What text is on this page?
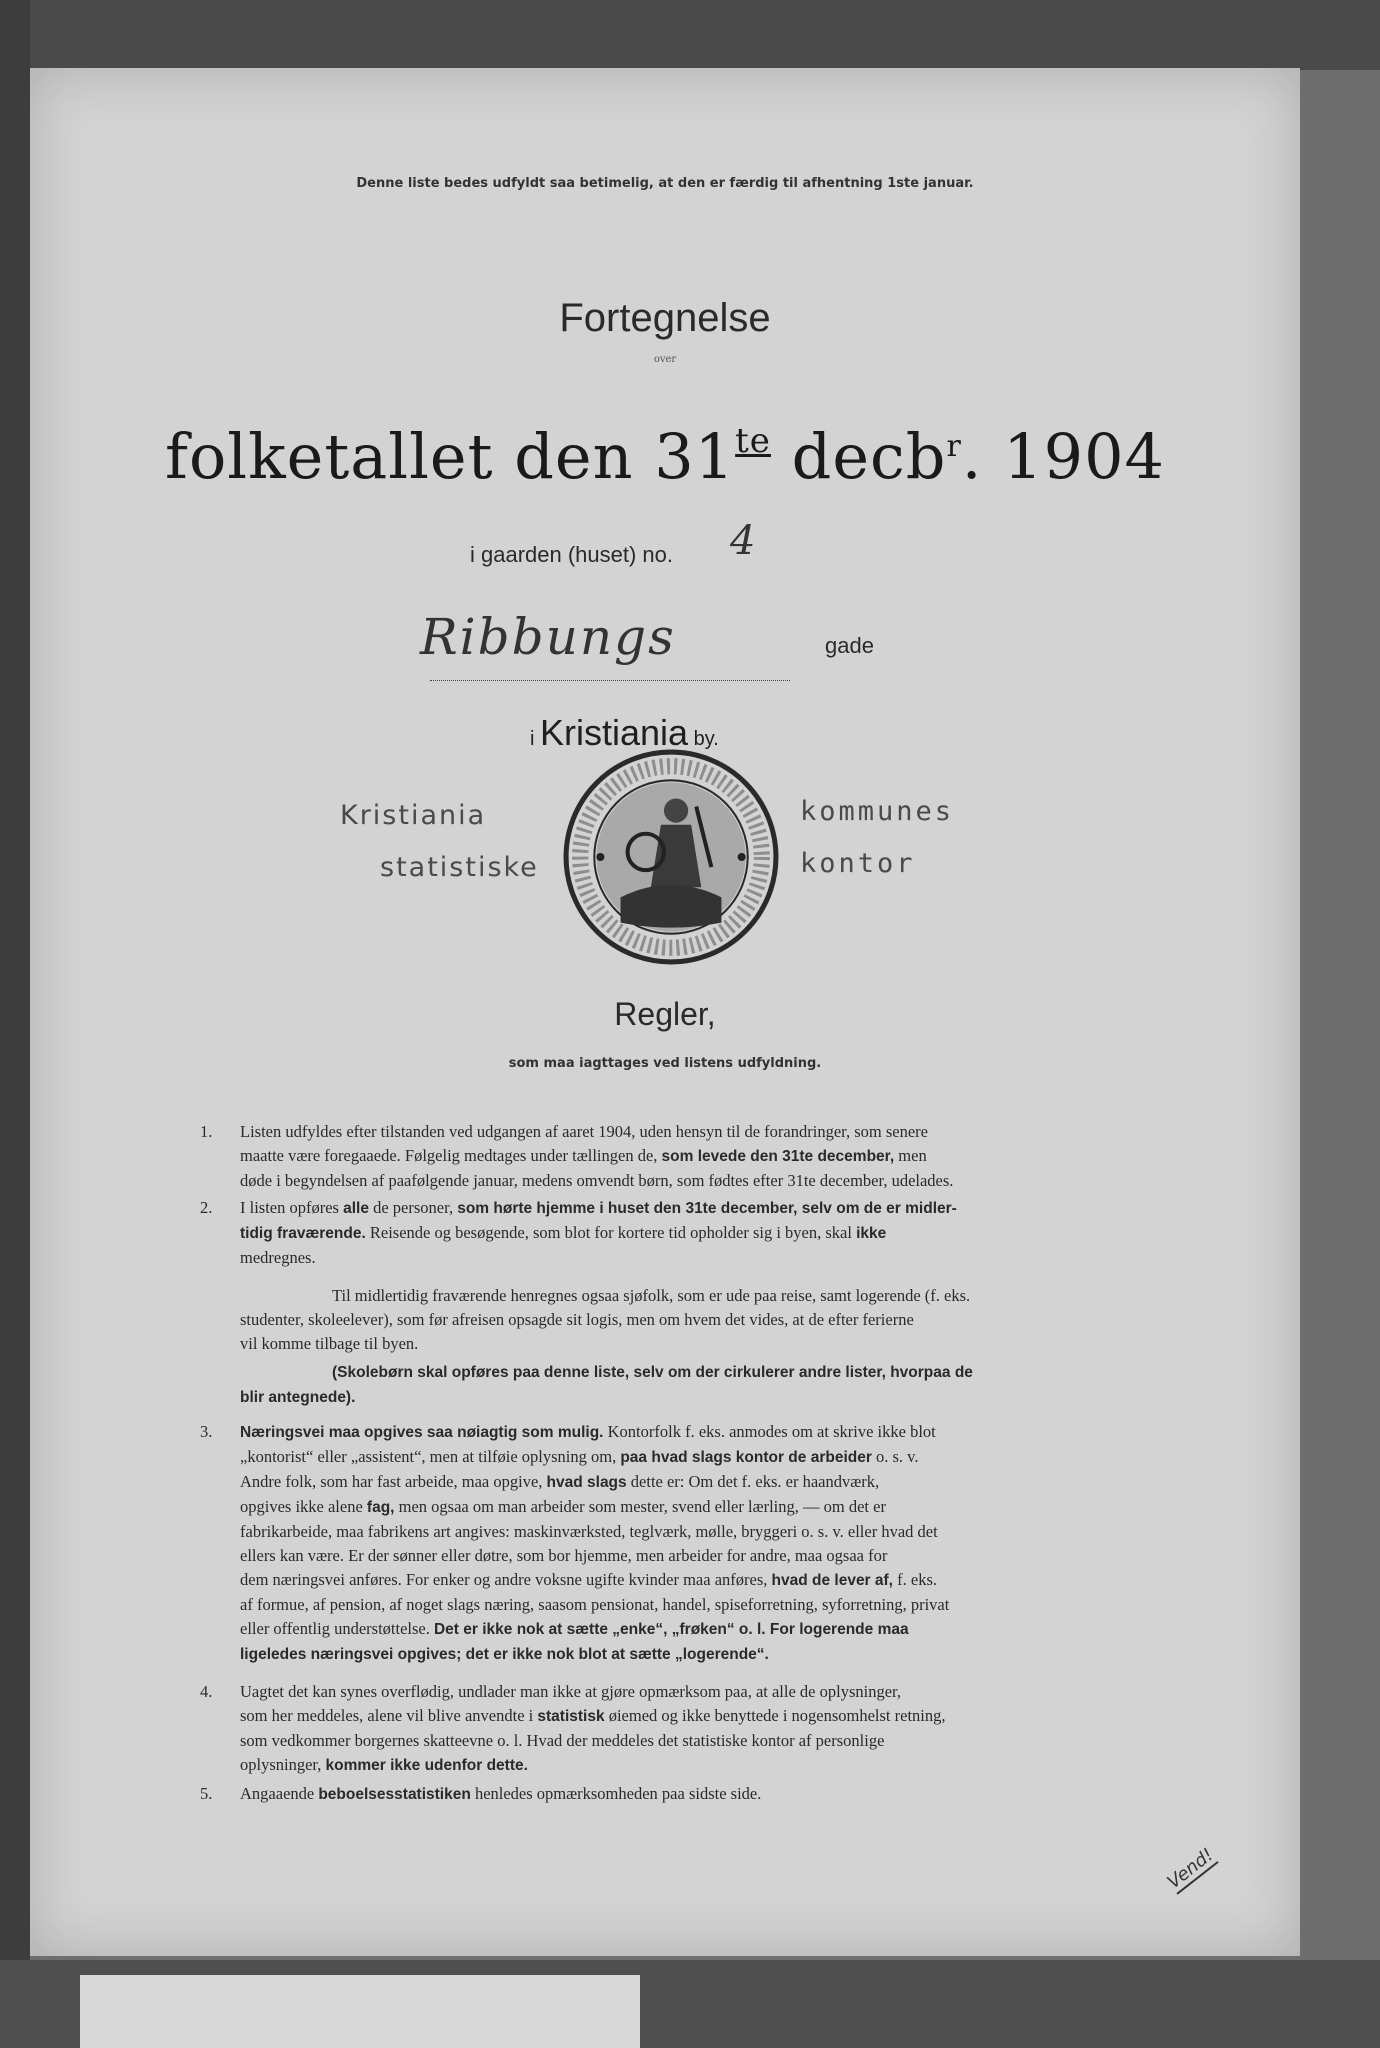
Denne liste bedes udfyldt saa betimelig, at den er færdig til afhentning 1ste januar.
Fortegnelse
over
folketallet den $31^{te}$ decb$^r$. 1904
i gaarden (huset) no. 4
Ribbungs	gade
i Kristiania by.
Kristiania
statistiske
kommunes
kontor
Regler,
som maa iagttages ved listens udfyldning.
1. Listen udfyldes efter tilstanden ved udgangen af aaret 1904, uden hensyn til de forandringer, som senere
maatte være foregaaede. Følgelig medtages under tællingen de, som levede den 31te december, men
døde i begyndelsen af paafølgende januar, medens omvendt børn, som fødtes efter 31te december, udelades.
2. I listen opføres alle de personer, som hørte hjemme i huset den 31te december, selv om de er midler-
tidig fraværende. Reisende og besøgende, som blot for kortere tid opholder sig i byen, skal ikke
medregnes.
Til midlertidig fraværende henregnes ogsaa sjøfolk, som er ude paa reise, samt logerende (f. eks.
studenter, skoleelever), som før afreisen opsagde sit logis, men om hvem det vides, at de efter ferierne
vil komme tilbage til byen.
(Skolebørn skal opføres paa denne liste, selv om der cirkulerer andre lister, hvorpaa de
blir antegnede).
3. Næringsvei maa opgives saa nøiagtig som mulig. Kontorfolk f. eks. anmodes om at skrive ikke blot
„kontorist“ eller „assistent“, men at tilføie oplysning om, paa hvad slags kontor de arbeider o. s. v.
Andre folk, som har fast arbeide, maa opgive, hvad slags dette er: Om det f. eks. er haandværk,
opgives ikke alene fag, men ogsaa om man arbeider som mester, svend eller lærling, — om det er
fabrikarbeide, maa fabrikens art angives: maskinværksted, teglværk, mølle, bryggeri o. s. v. eller hvad det
ellers kan være. Er der sønner eller døtre, som bor hjemme, men arbeider for andre, maa ogsaa for
dem næringsvei anføres. For enker og andre voksne ugifte kvinder maa anføres, hvad de lever af, f. eks.
af formue, af pension, af noget slags næring, saasom pensionat, handel, spiseforretning, syforretning, privat
eller offentlig understøttelse. Det er ikke nok at sætte „enke“, „frøken“ o. l. For logerende maa
ligeledes næringsvei opgives; det er ikke nok blot at sætte „logerende“.
4. Uagtet det kan synes overflødig, undlader man ikke at gjøre opmærksom paa, at alle de oplysninger,
som her meddeles, alene vil blive anvendte i statistisk øiemed og ikke benyttede i nogensomhelst retning,
som vedkommer borgernes skatteevne o. l. Hvad der meddeles det statistiske kontor af personlige
oplysninger, kommer ikke udenfor dette.
5. Angaaende beboelsesstatistiken henledes opmærksomheden paa sidste side.
Vend!
